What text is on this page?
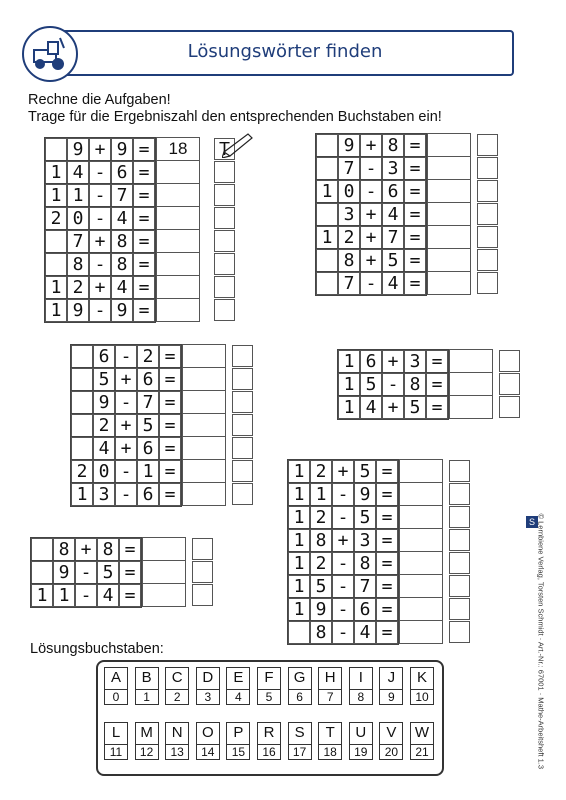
Lösungswörter finden
Rechne die Aufgaben!
Trage für die Ergebniszahl den entsprechenden Buchstaben ein!
9 + 9 =	18	T
1 4 - 6 =
1 1 - 7 =
2 0 - 4 =
7 + 8 =
8 - 8 =
1 2 + 4 =
1 9 - 9 =
9 + 8 =
7 - 3 =
1 0 - 6 =
3 + 4 =
1 2 + 7 =
8 + 5 =
7 - 4 =
6 - 2 =
5 + 6 =
9 - 7 =
2 + 5 =
4 + 6 =
2 0 - 1 =
1 3 - 6 =
1 6 + 3 =
1 5 - 8 =
1 4 + 5 =
1 2 + 5 =
1 1 - 9 =
1 2 - 5 =
1 8 + 3 =
1 2 - 8 =
1 5 - 7 =
1 9 - 6 =
8 - 4 =
8 + 8 =
9 - 5 =
1 1 - 4 =
Lösungsbuchstaben:
A
0
B
1
C
2
D
3
E
4
F
5
G
6
H
7
I
8
J
9
K
10
L
11
M
12
N
13
O
14
P
15
R
16
S
17
T
18
U
19
V
20
W
21
S © Lernbiene Verlag, Torsten Schmidt · Art.-Nr.: 67001 · Mathe-Arbeitsheft 1.3
